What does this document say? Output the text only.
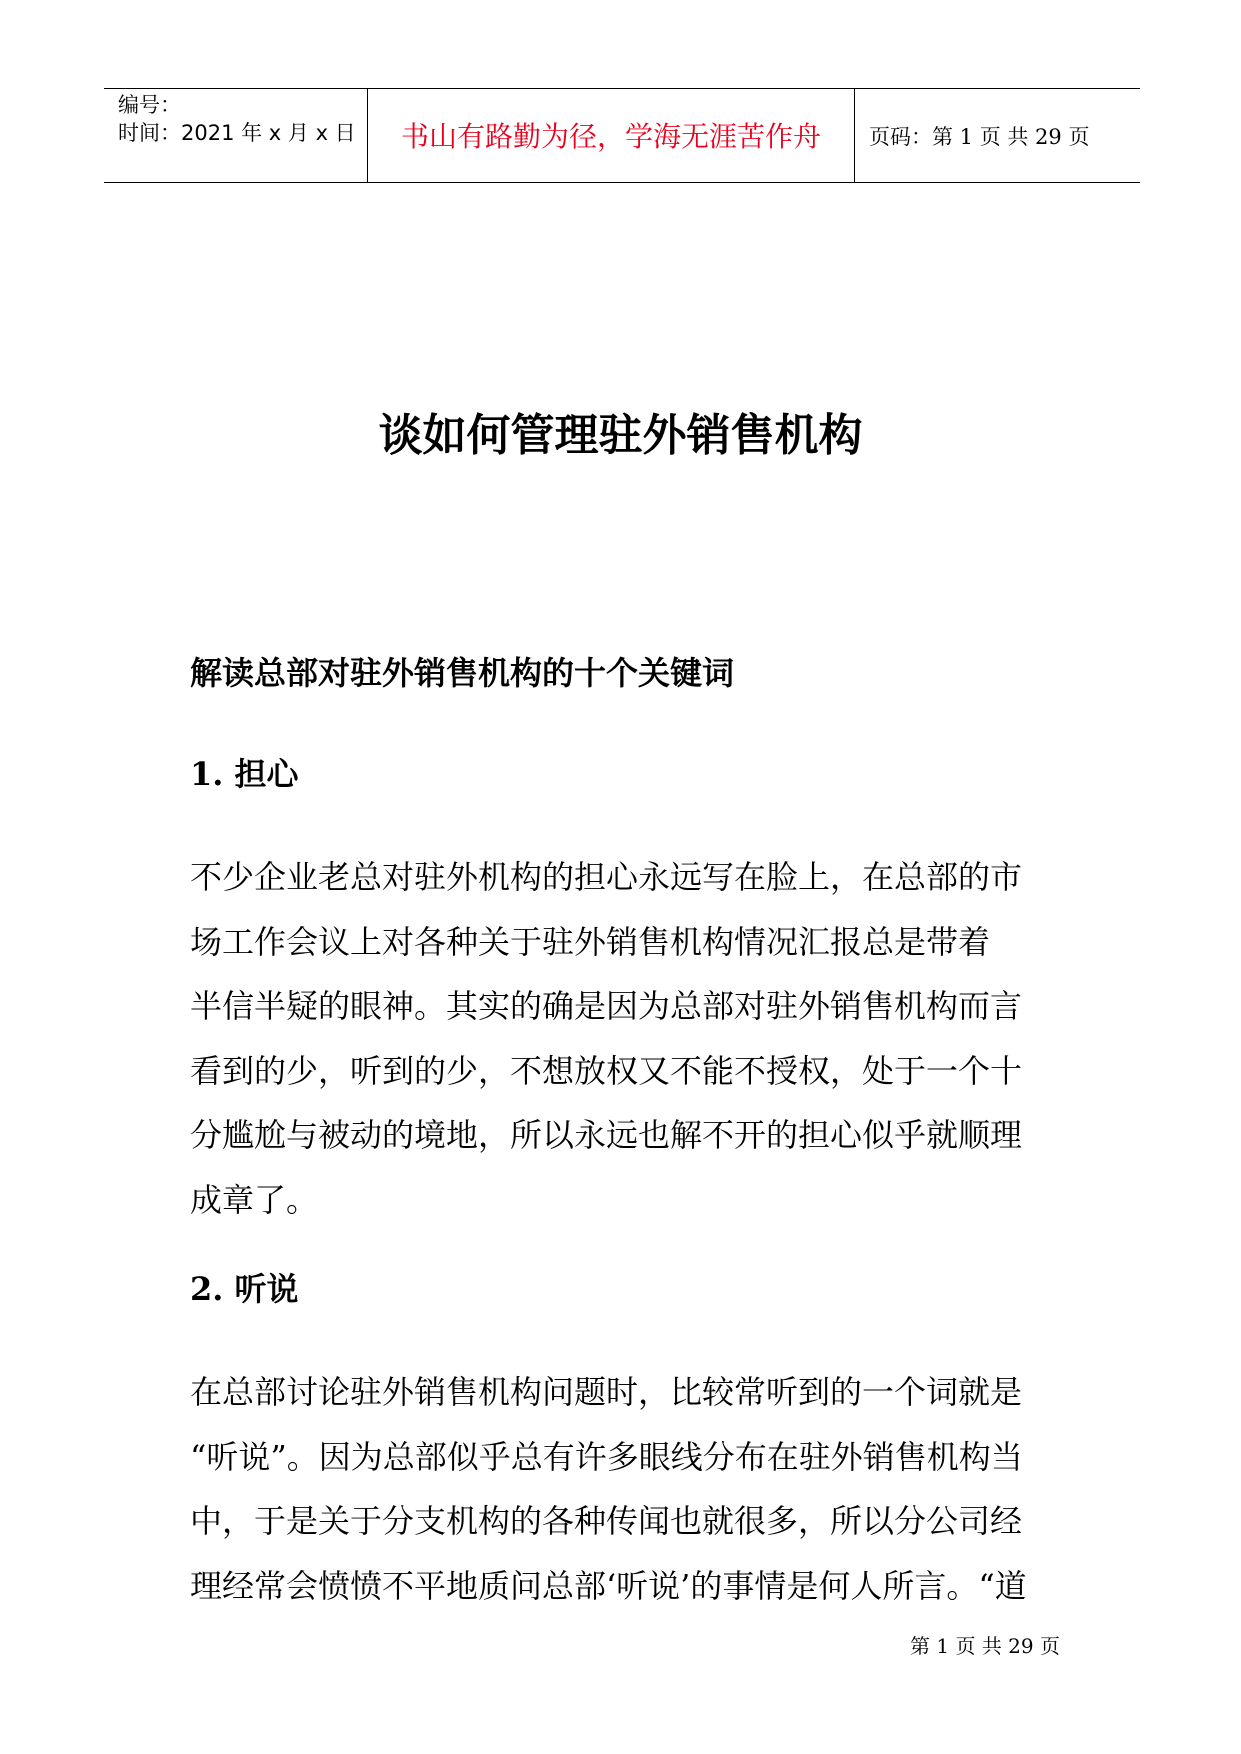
编号：
时间：2021 年 x 月 x 日	书山有路勤为径，学海无涯苦作舟	页码：第 1 页 共 29 页
谈如何管理驻外销售机构
解读总部对驻外销售机构的十个关键词
1. 担心
不少企业老总对驻外机构的担心永远写在脸上，在总部的市
场工作会议上对各种关于驻外销售机构情况汇报总是带着
半信半疑的眼神。其实的确是因为总部对驻外销售机构而言
看到的少，听到的少，不想放权又不能不授权，处于一个十
分尴尬与被动的境地，所以永远也解不开的担心似乎就顺理
成章了。
2. 听说
在总部讨论驻外销售机构问题时，比较常听到的一个词就是
“听说”。因为总部似乎总有许多眼线分布在驻外销售机构当
中，于是关于分支机构的各种传闻也就很多，所以分公司经
理经常会愤愤不平地质问总部‘听说’的事情是何人所言。“道
第 1 页 共 29 页
